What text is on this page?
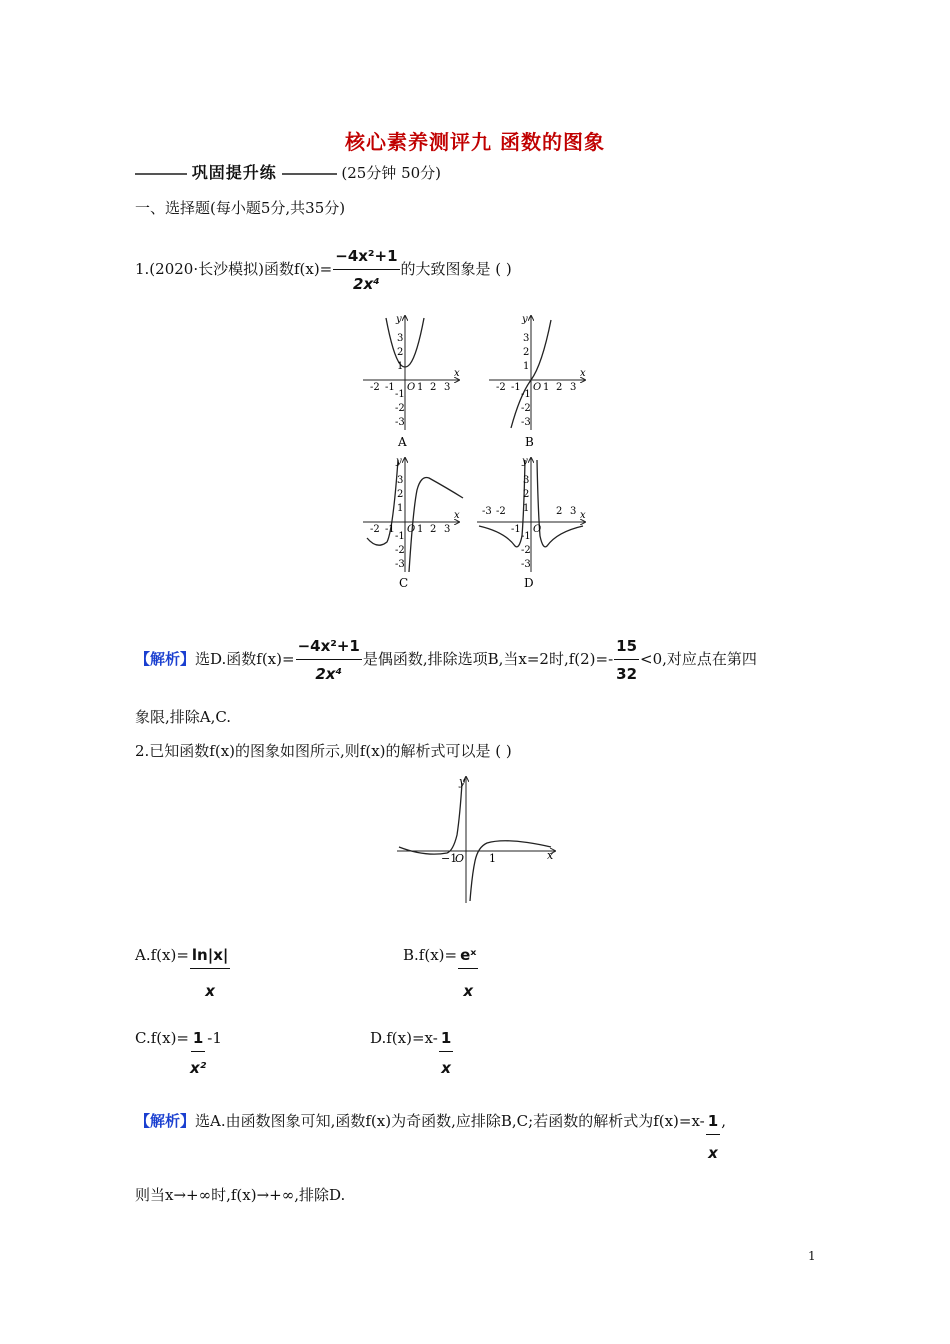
核心素养测评九 函数的图象
巩固提升练	(25分钟 50分)
一、选择题(每小题5分,共35分)
1.(2020·长沙模拟)函数$f(x)= \frac{\text{−4x²+1}}{\text{2x⁴}}$ 的大致图象是 ( )
x
y
O
-2 -1 1 2 3
3
2
1
-1
-2
-3
A
x
y
O
-2 -1 1 2 3
3
2
1
-1
-2
-3
B
x
y
O
-2 -1 1 2 3
3
2
1
-1
-2
-3
C
x
y
O
-3 -2
-1
2 3
3
2
1
-1
-2
-3
D
【解析】选D.函数$f(x)= \frac{\text{−4x²+1}}{\text{2x⁴}}$ 是偶函数,排除选项B,当x=2时$,f(2)=- \frac{15}{32} <0$,对应点在第四
象限,排除A,C.
2.已知函数f(x)的图象如图所示,则f(x)的解析式可以是 ( )
y
x
O
−1	1
$A.f(x)= \frac{\ln|x|}{x}$	$B.f(x)= \frac{\text{eˣ}}{x}$
$C.f(x)= \frac{1}{\text{x²}} -1$	$D.f(x)=x- \frac{1}{x}$
【解析】选A.由函数图象可知,函数f(x)为奇函数,应排除B,C;若函数的解析式为$f(x)=x- \frac{1}{x}$ ,
则当x→+∞时,f(x)→+∞,排除D.
1
